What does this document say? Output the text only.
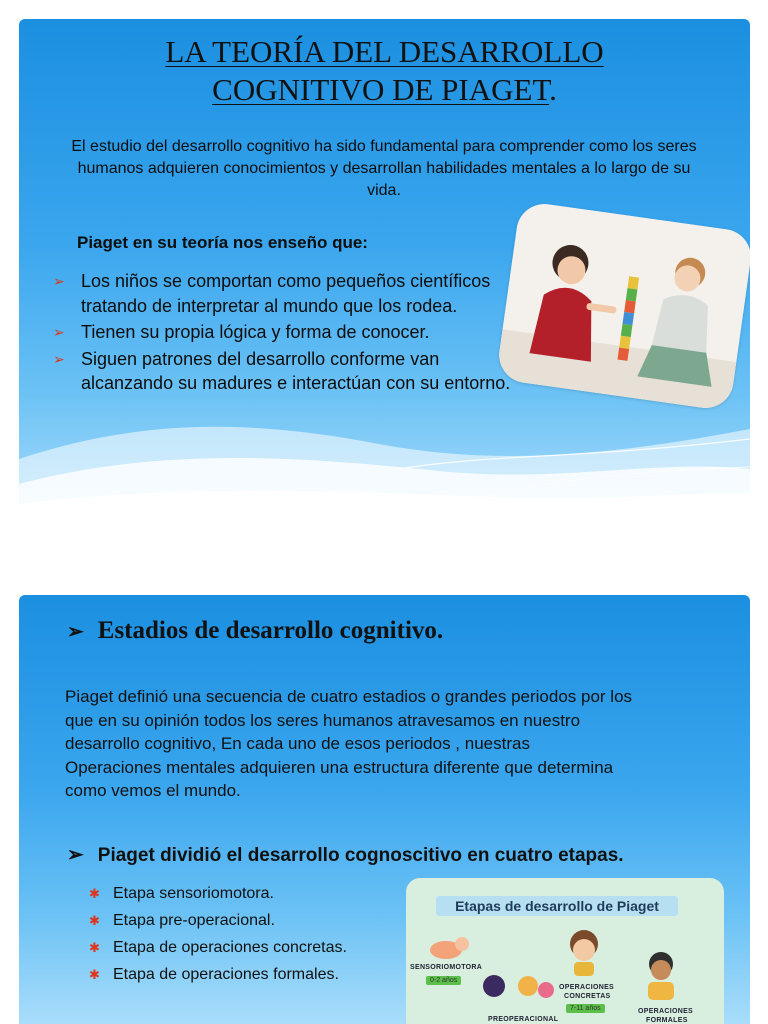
LA TEORÍA DEL DESARROLLO
COGNITIVO DE PIAGET.
El estudio del desarrollo cognitivo ha sido fundamental para comprender como los seres humanos adquieren conocimientos y desarrollan habilidades mentales a lo largo de su vida.
Piaget en su teoría nos enseño que:
➢ Los niños se comportan como pequeños científicos tratando de interpretar al mundo que los rodea.
➢ Tienen su propia lógica y forma de conocer.
➢ Siguen patrones del desarrollo conforme van alcanzando su madures e interactúan con su entorno.
➢ Estadios de desarrollo cognitivo.
Piaget definió una secuencia de cuatro estadios o grandes periodos por los
que en su opinión todos los seres humanos atravesamos en nuestro
desarrollo cognitivo, En cada uno de esos periodos , nuestras
Operaciones mentales adquieren una estructura diferente que determina
como vemos el mundo.
➢ Piaget dividió el desarrollo cognoscitivo en cuatro etapas.
✱ Etapa sensoriomotora.
✱ Etapa pre-operacional.
✱ Etapa de operaciones concretas.
✱ Etapa de operaciones formales.
Etapas de desarrollo de Piaget
SENSORIOMOTORA
0-2 años
OPERACIONES
CONCRETAS
7-11 años	OPERACIONES
FORMALES
PREOPERACIONAL
